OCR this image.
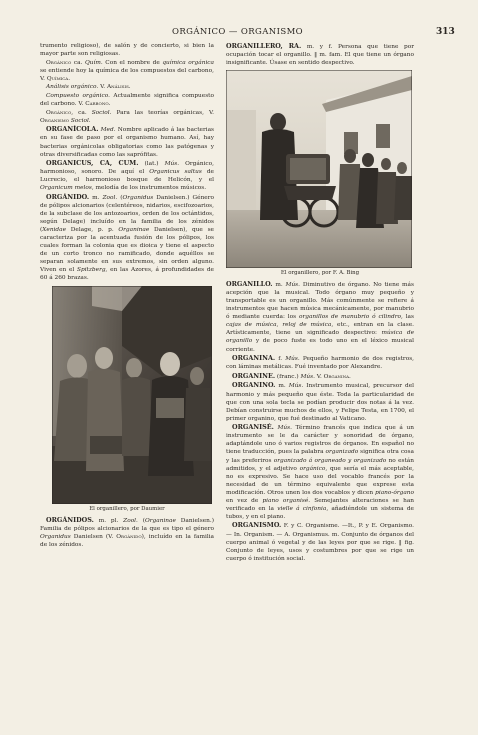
ORGÁNICO — ORGANISMO	313

trumento religioso), de salón y de concierto, si bien la mayor parte son religiosas.

Orgánico ca. Quím. Con el nombre de química orgánica se entiende hoy la química de los compuestos del carbono, V. Química.

Análisis orgánico. V. Análisis.

Compuesto orgánico. Actualmente significa compuesto del carbono. V. Carbono.

Orgánico, ca. Sociol. Para las teorías orgánicas, V. Organismo Sociol.

ORGANÍCOLA. Med. Nombre aplicado á las bacterias en su fase de paso por el organismo humano. Así, hay bacterias orgánicolas obligatorias como las patógenas y otras diversificadas como las saprófitas.

ORGANICUS, CA, CUM. (lat.) Mús. Orgánico, harmonioso, sonoro. De aquí el Organicus saltus de Lucrecio, el harmonioso bosque de Helicón, y el Organicum melos, melodía de los instrumentos músicos.

ORGÁNIDO. m. Zool. (Organidus Danielsen.) Género de pólipos alcionarios (celentéreos, nidarios, escifozoarios, de la subclase de los antozoarios, orden de los octántidos, según Delage) incluído en la familia de los zénidos (Xenidae Delage, p. p. Organinae Danielsen), que se caracteriza por la acentuada fusión de los pólipos, los cuales forman la colonia que es dioica y tiene el aspecto de un corto tronco no ramificado, donde aquéllos se separan solamente en sus extremos, sin orden alguno. Viven en el Spitzberg, en las Azores, á profundidades de 60 á 260 brazas.

El organillero, por Daumier

ORGÁNIDOS. m. pl. Zool. (Organinae Danielsen.) Familia de pólipos alcionarios de la que es tipo el género Organidus Danielsen (V. Orgánido), incluído en la familia de los zénidos.

ORGANILLERO, RA. m. y f. Persona que tiene por ocupación tocar el organillo. ‖ m. fam. El que tiene un órgano insignificante. Úsase en sentido despectivo.

El organillero, por F. A. Bing

ORGANILLO. m. Mús. Diminutivo de órgano. No tiene más acepción que la musical. Todo órgano muy pequeño y transportable es un organillo. Más comúnmente se refiere á instrumentos que hacen música mecánicamente, por manubrio ó mediante cuerda: los organillos de manubrio ó cilindro, las cajas de música, reloj de música, etc., entran en la clase. Artísticamente, tiene un significado despectivo: música de organillo y de poco fuste es todo uno en el léxico musical corriente.

ORGANINA. f. Mús. Pequeño harmonio de dos registros, con láminas metálicas. Fué inventado por Alexandre.

ORGANINE. (franc.) Mús. V. Organina.

ORGANINO. m. Mús. Instrumento musical, precursor del harmonio y más pequeño que éste. Toda la particularidad de que con una sola tecla se podían producir dos notas á la vez. Debían construirse muchos de ellos, y Felipe Testa, en 1700, el primer organino, que fué destinado al Vaticano.

ORGANISÉ. Mús. Término francés que indica que á un instrumento se le da carácter y sonoridad de órgano, adaptándole uno ó varios registros de órganos. En español no tiene traducción, pues la palabra organizado significa otra cosa y las preferiros organizado á organeado y organizado no están admitidos, y el adjetivo orgánico, que sería el más aceptable, no es expresivo. Se hace uso del vocablo francés por la necesidad de un término equivalente que exprese esta modificación. Otros unen los dos vocablos y dicen piano-órgano en vez de piano organisé. Semejantes alteraciones se han verificado en la vielle á cinfonia, añadiéndole un sistema de tubos, y en el piano.

ORGANISMO. F. y C. Organisme. —It., P. y E. Organismo. — In. Organism. — A. Organismus. m. Conjunto de órganos del cuerpo animal ó vegetal y de las leyes por que se rige. ‖ fig. Conjunto de leyes, usos y costumbres por que se rige un cuerpo ó institución social.
